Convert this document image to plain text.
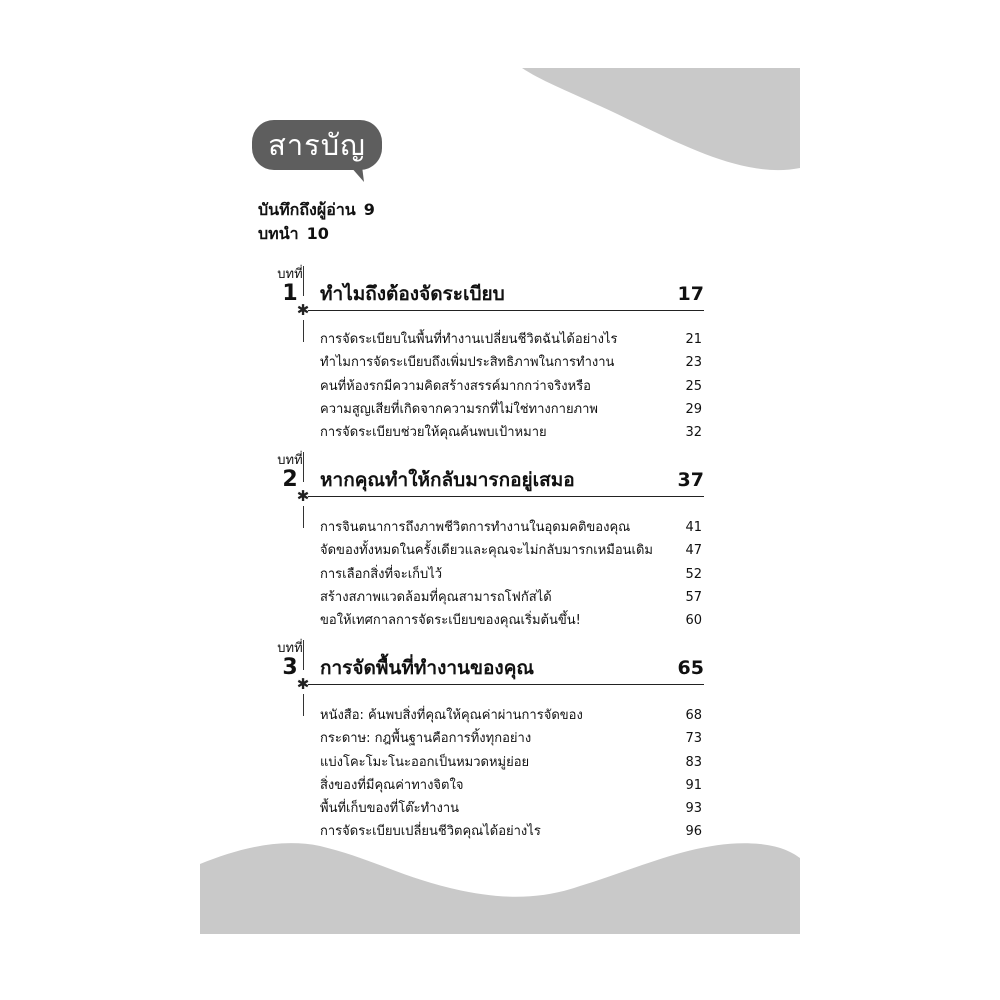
สารบัญ
บันทึกถึงผู้อ่าน 9
บทนำ 10
บทที่
1	ทำไมถึงต้องจัดระเบียบ	17
✱
การจัดระเบียบในพื้นที่ทำงานเปลี่ยนชีวิตฉันได้อย่างไร	21
ทำไมการจัดระเบียบถึงเพิ่มประสิทธิภาพในการทำงาน	23
คนที่ห้องรกมีความคิดสร้างสรรค์มากกว่าจริงหรือ	25
ความสูญเสียที่เกิดจากความรกที่ไม่ใช่ทางกายภาพ	29
การจัดระเบียบช่วยให้คุณค้นพบเป้าหมาย	32
บทที่
2	หากคุณทำให้กลับมารกอยู่เสมอ	37
✱
การจินตนาการถึงภาพชีวิตการทำงานในอุดมคติของคุณ	41
จัดของทั้งหมดในครั้งเดียวและคุณจะไม่กลับมารกเหมือนเดิม 47
การเลือกสิ่งที่จะเก็บไว้	52
สร้างสภาพแวดล้อมที่คุณสามารถโฟกัสได้	57
ขอให้เทศกาลการจัดระเบียบของคุณเริ่มต้นขึ้น!	60
บทที่
3	การจัดพื้นที่ทำงานของคุณ	65
✱
หนังสือ: ค้นพบสิ่งที่คุณให้คุณค่าผ่านการจัดของ	68
กระดาษ: กฎพื้นฐานคือการทิ้งทุกอย่าง	73
แบ่งโคะโมะโนะออกเป็นหมวดหมู่ย่อย	83
สิ่งของที่มีคุณค่าทางจิตใจ	91
พื้นที่เก็บของที่โต๊ะทำงาน	93
การจัดระเบียบเปลี่ยนชีวิตคุณได้อย่างไร	96
